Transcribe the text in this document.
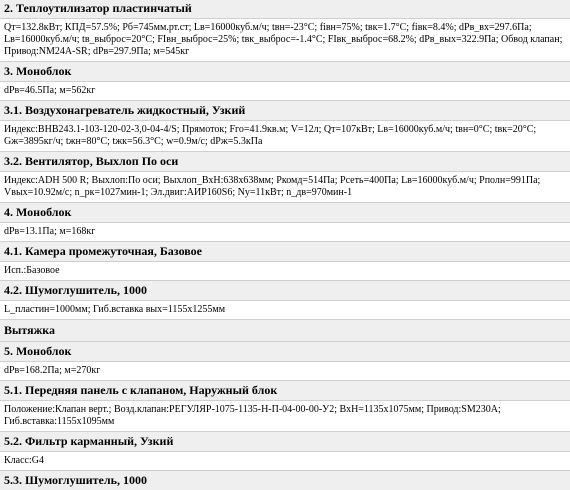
2. Теплоутилизатор пластинчатый
Qт=132.8кВт; КПД=57.5%; Рб=745мм.рт.ст; Lв=16000куб.м/ч; tвн=-23°C; fiвн=75%; tвк=1.7°C; fiвк=8.4%; dPв_вх=297.6Па; Lв=16000куб.м/ч; tв_выброс=20°C; FIвн_выброс=25%; tвк_выброс=-1.4°C; FIвк_выброс=68.2%; dPв_вых=322.9Па; Обвод клапан; Привод:NM24A-SR; dPв=297.9Па; м=545кг
3. Моноблок
dPв=46.5Па; м=562кг
3.1. Воздухонагреватель жидкостный, Узкий
Индекс:ВНВ243.1-103-120-02-3,0-04-4/S; Прямоток; Fго=41.9кв.м; V=12л; Qт=107кВт; Lв=16000куб.м/ч; tвн=0°C; tвк=20°C; Gж=3895кг/ч; tжн=80°C; tжк=56.3°C; w=0.9м/с; dPж=5.3кПа
3.2. Вентилятор, Выхлоп По оси
Индекс:ADH 500 R; Выхлоп:По оси; Выхлоп_ВхН:638х638мм; Ркомд=514Па; Рсеть=400Па; Lв=16000куб.м/ч; Рполн=991Па; Vвых=10.92м/с; n_рк=1027мин-1; Эл.двиг:АИР160S6; Ny=11кВт; n_дв=970мин-1
4. Моноблок
dPв=13.1Па; м=168кг
4.1. Камера промежуточная, Базовое
Исп.:Базовое
4.2. Шумоглушитель, 1000
L_пластин=1000мм; Гиб.вставка вых=1155х1255мм
Вытяжка
5. Моноблок
dPв=168.2Па; м=270кг
5.1. Передняя панель с клапаном, Наружный блок
Положение:Клапан верт.; Возд.клапан:РЕГУЛЯР-1075-1135-Н-П-04-00-00-У2; ВхН=1135х1075мм; Привод:SM230A; Гиб.вставка:1155х1095мм
5.2. Фильтр карманный, Узкий
Класс:G4
5.3. Шумоглушитель, 1000
